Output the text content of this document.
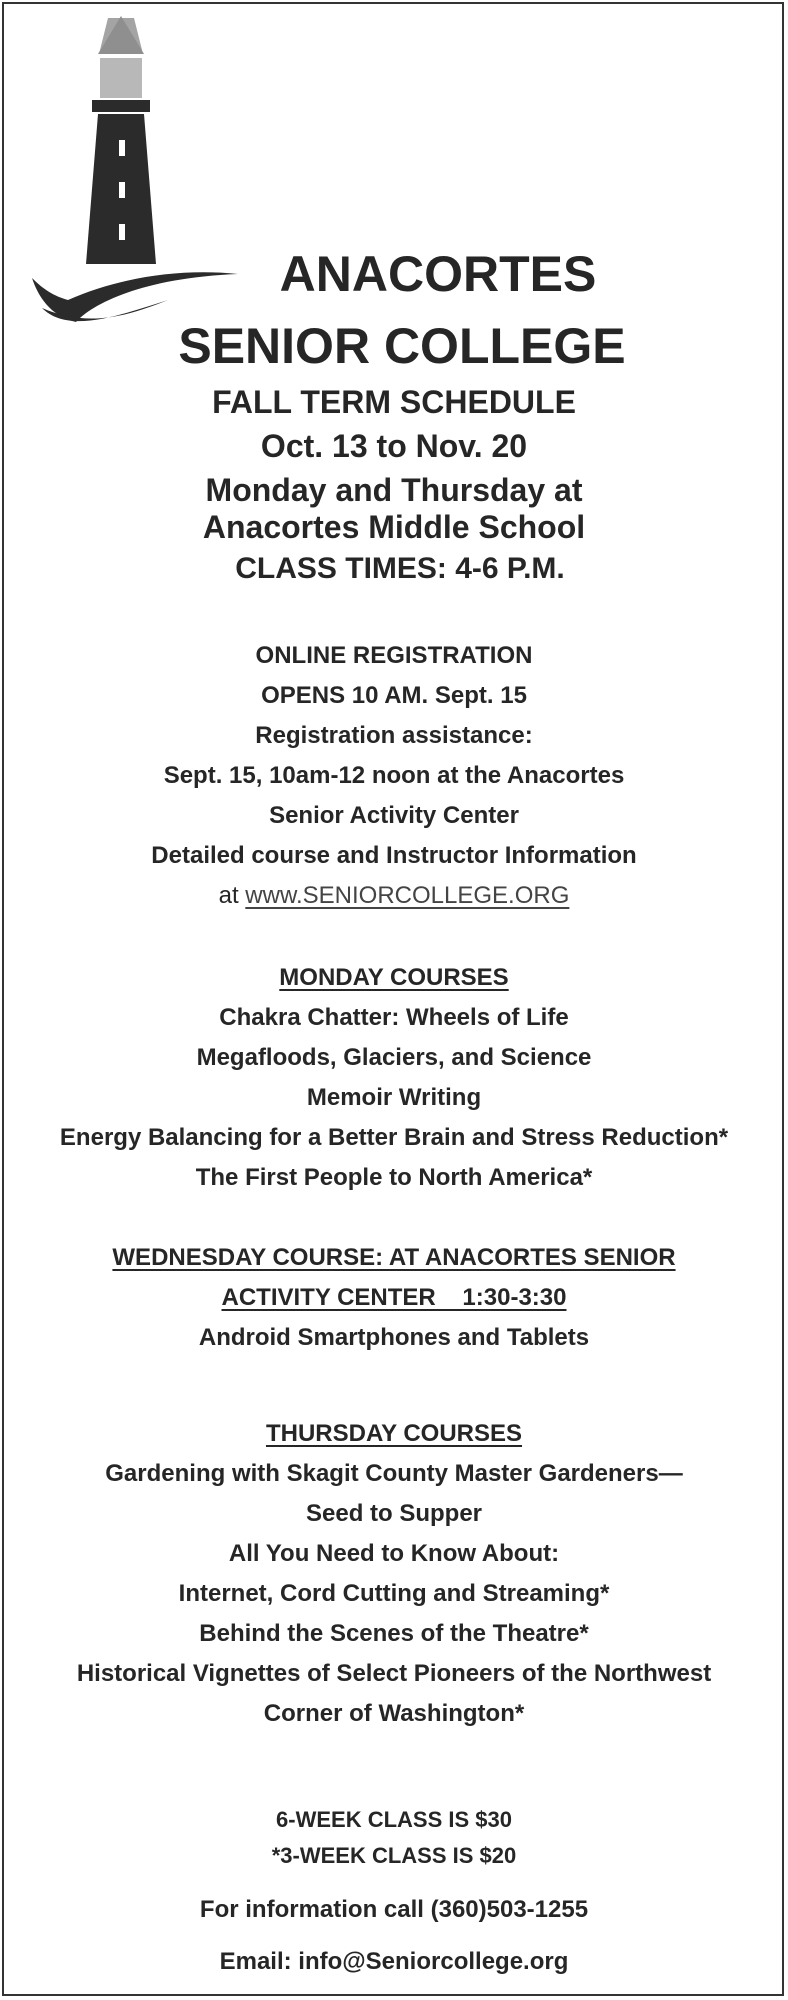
ANACORTES
SENIOR COLLEGE
FALL TERM SCHEDULE
Oct. 13 to Nov. 20
Monday and Thursday at
Anacortes Middle School
CLASS TIMES: 4-6 P.M.
ONLINE REGISTRATION
OPENS 10 AM. Sept. 15
Registration assistance:
Sept. 15, 10am-12 noon at the Anacortes
Senior Activity Center
Detailed course and Instructor Information
at www.SENIORCOLLEGE.ORG
MONDAY COURSES
Chakra Chatter: Wheels of Life
Megafloods, Glaciers, and Science
Memoir Writing
Energy Balancing for a Better Brain and Stress Reduction*
The First People to North America*
WEDNESDAY COURSE: AT ANACORTES SENIOR
ACTIVITY CENTER    1:30-3:30
Android Smartphones and Tablets
THURSDAY COURSES
Gardening with Skagit County Master Gardeners—
Seed to Supper
All You Need to Know About:
Internet, Cord Cutting and Streaming*
Behind the Scenes of the Theatre*
Historical Vignettes of Select Pioneers of the Northwest
Corner of Washington*
6-WEEK CLASS IS $30
*3-WEEK CLASS IS $20
For information call (360)503-1255
Email: info@Seniorcollege.org
